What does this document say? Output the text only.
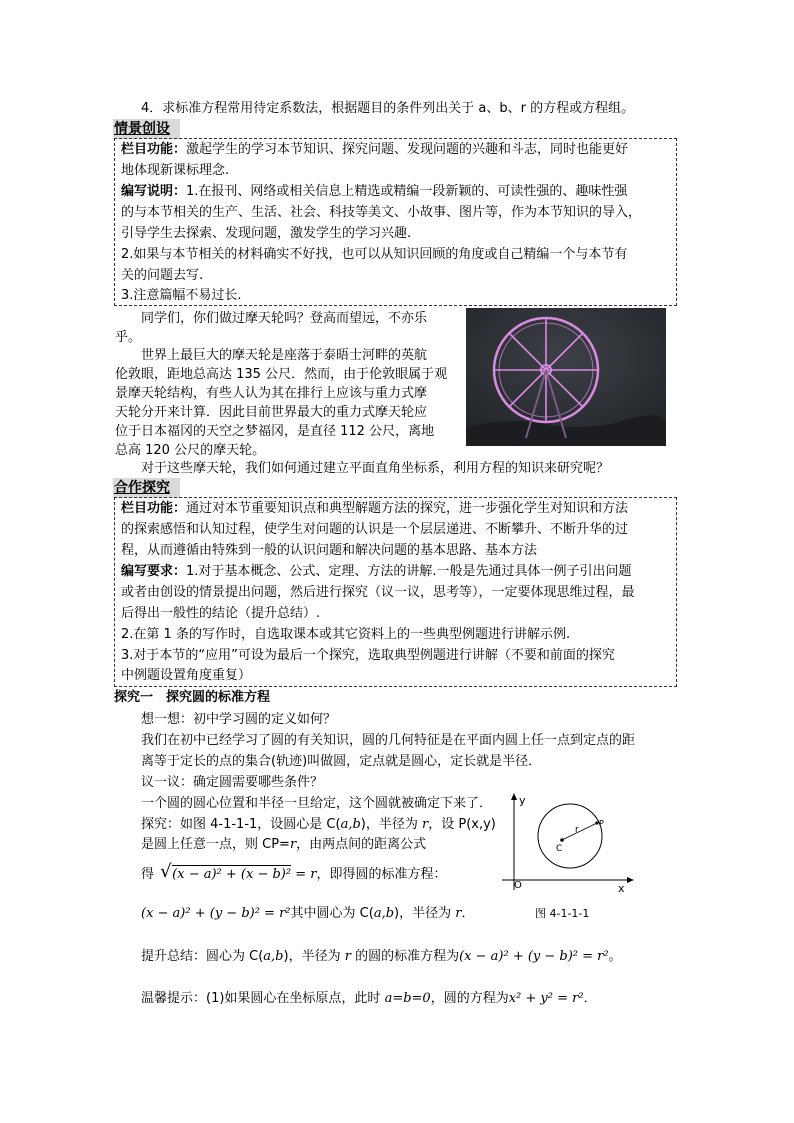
4．求标准方程常用待定系数法，根据题目的条件列出关于 a、b、r 的方程或方程组。
情景创设
栏目功能：激起学生的学习本节知识、探究问题、发现问题的兴趣和斗志，同时也能更好
地体现新课标理念.
编写说明：1.在报刊、网络或相关信息上精选或精编一段新颖的、可读性强的、趣味性强
的与本节相关的生产、生活、社会、科技等美文、小故事、图片等，作为本节知识的导入，
引导学生去探索、发现问题，激发学生的学习兴趣.
2.如果与本节相关的材料确实不好找，也可以从知识回顾的角度或自己精编一个与本节有
关的问题去写.
3.注意篇幅不易过长.
同学们，你们做过摩天轮吗？登高而望远，不亦乐
乎。
世界上最巨大的摩天轮是座落于泰晤士河畔的英航
伦敦眼，距地总高达 135 公尺．然而，由于伦敦眼属于观
景摩天轮结构，有些人认为其在排行上应该与重力式摩
天轮分开来计算．因此目前世界最大的重力式摩天轮应
位于日本福冈的天空之梦福冈，是直径 112 公尺，离地
总高 120 公尺的摩天轮。
对于这些摩天轮，我们如何通过建立平面直角坐标系，利用方程的知识来研究呢？
合作探究
栏目功能：通过对本节重要知识点和典型解题方法的探究，进一步强化学生对知识和方法
的探索感悟和认知过程，使学生对问题的认识是一个层层递进、不断攀升、不断升华的过
程，从而遵循由特殊到一般的认识问题和解决问题的基本思路、基本方法
编写要求：1.对于基本概念、公式、定理、方法的讲解.一般是先通过具体一例子引出问题
或者由创设的情景提出问题，然后进行探究（议一议，思考等），一定要体现思维过程，最
后得出一般性的结论（提升总结）.
2.在第 1 条的写作时，自选取课本或其它资料上的一些典型例题进行讲解示例.
3.对于本节的“应用”可设为最后一个探究，选取典型例题进行讲解（不要和前面的探究
中例题设置角度重复）
探究一　探究圆的标准方程
想一想：初中学习圆的定义如何？
我们在初中已经学习了圆的有关知识，圆的几何特征是在平面内圆上任一点到定点的距
离等于定长的点的集合(轨迹)叫做圆，定点就是圆心，定长就是半径．
议一议：确定圆需要哪些条件？
一个圆的圆心位置和半径一旦给定，这个圆就被确定下来了．
探究：如图 4-1-1-1，设圆心是 C(a,b)，半径为 r，设 P(x,y)
是圆上任意一点，则 CP=r，由两点间的距离公式
得 √ (x − a)² + (x − b)² = r，即得圆的标准方程：
(x − a)² + (y − b)² = r²其中圆心为 C(a,b)，半径为 r．
提升总结：圆心为 C(a,b)，半径为 r 的圆的标准方程为(x − a)² + (y − b)² = r²。
温馨提示：(1)如果圆心在坐标原点，此时 a=b=0，圆的方程为x² + y² = r²．
y
x
O
C
r
P
图 4-1-1-1
